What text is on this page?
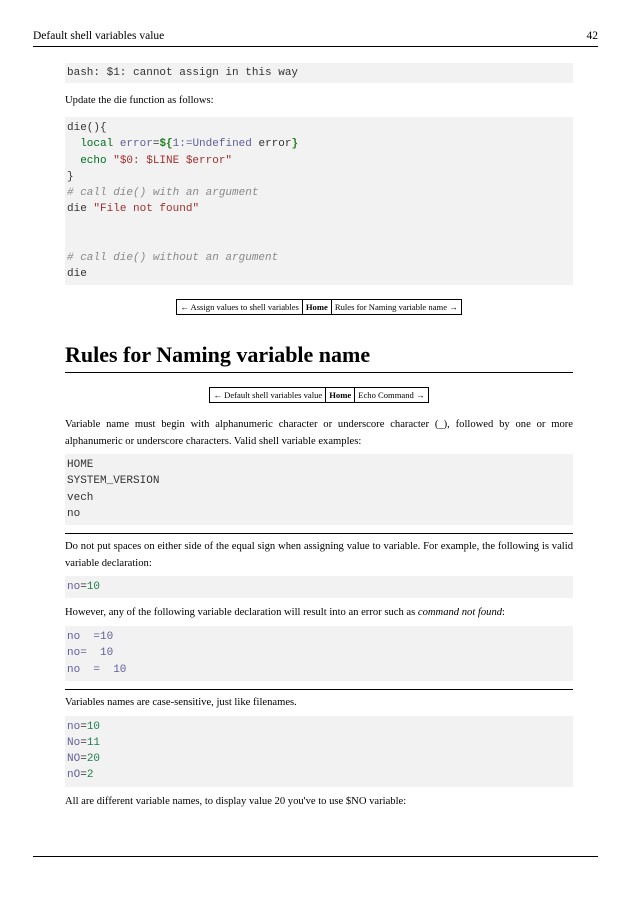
Default shell variables value	42
bash: $1: cannot assign in this way

Update the die function as follows:

die(){
local error=${1:=Undefined error}
echo "$0: $LINE $error"
}
# call die() with an argument
die "File not found"

# call die() without an argument
die
← Assign values to shell variables	Home	Rules for Naming variable name →
Rules for Naming variable name
← Default shell variables value	Home	Echo Command →

Variable name must begin with alphanumeric character or underscore character (_), followed by one or more alphanumeric or underscore characters. Valid shell variable examples:

HOME
SYSTEM_VERSION
vech
no

Do not put spaces on either side of the equal sign when assigning value to variable. For example, the following is valid variable declaration:

no=10

However, any of the following variable declaration will result into an error such as command not found:

no  =10
no=  10
no  =  10

Variables names are case-sensitive, just like filenames.

no=10
No=11
NO=20
nO=2

All are different variable names, to display value 20 you've to use $NO variable:
